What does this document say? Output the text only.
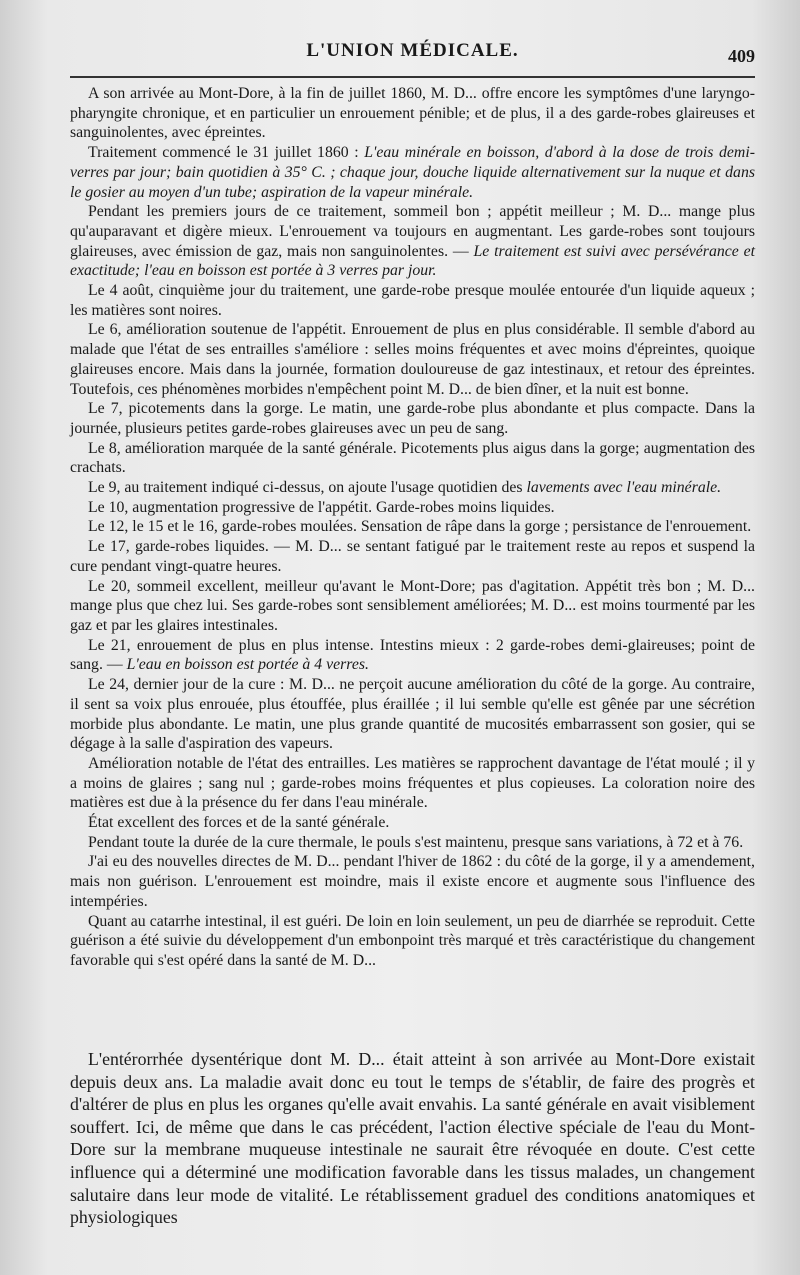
L'UNION MÉDICALE.	409

A son arrivée au Mont-Dore, à la fin de juillet 1860, M. D... offre encore les symptômes d'une laryngo-pharyngite chronique, et en particulier un enrouement pénible; et de plus, il a des garde-robes glaireuses et sanguinolentes, avec épreintes.

Traitement commencé le 31 juillet 1860 : L'eau minérale en boisson, d'abord à la dose de trois demi-verres par jour; bain quotidien à 35° C. ; chaque jour, douche liquide alternativement sur la nuque et dans le gosier au moyen d'un tube; aspiration de la vapeur minérale.

Pendant les premiers jours de ce traitement, sommeil bon ; appétit meilleur ; M. D... mange plus qu'auparavant et digère mieux. L'enrouement va toujours en augmentant. Les garde-robes sont toujours glaireuses, avec émission de gaz, mais non sanguinolentes. — Le traitement est suivi avec persévérance et exactitude; l'eau en boisson est portée à 3 verres par jour.

Le 4 août, cinquième jour du traitement, une garde-robe presque moulée entourée d'un liquide aqueux ; les matières sont noires.

Le 6, amélioration soutenue de l'appétit. Enrouement de plus en plus considérable. Il semble d'abord au malade que l'état de ses entrailles s'améliore : selles moins fréquentes et avec moins d'épreintes, quoique glaireuses encore. Mais dans la journée, formation douloureuse de gaz intestinaux, et retour des épreintes. Toutefois, ces phénomènes morbides n'empêchent point M. D... de bien dîner, et la nuit est bonne.

Le 7, picotements dans la gorge. Le matin, une garde-robe plus abondante et plus compacte. Dans la journée, plusieurs petites garde-robes glaireuses avec un peu de sang.

Le 8, amélioration marquée de la santé générale. Picotements plus aigus dans la gorge; augmentation des crachats.

Le 9, au traitement indiqué ci-dessus, on ajoute l'usage quotidien des lavements avec l'eau minérale.

Le 10, augmentation progressive de l'appétit. Garde-robes moins liquides.

Le 12, le 15 et le 16, garde-robes moulées. Sensation de râpe dans la gorge ; persistance de l'enrouement.

Le 17, garde-robes liquides. — M. D... se sentant fatigué par le traitement reste au repos et suspend la cure pendant vingt-quatre heures.

Le 20, sommeil excellent, meilleur qu'avant le Mont-Dore; pas d'agitation. Appétit très bon ; M. D... mange plus que chez lui. Ses garde-robes sont sensiblement améliorées; M. D... est moins tourmenté par les gaz et par les glaires intestinales.

Le 21, enrouement de plus en plus intense. Intestins mieux : 2 garde-robes demi-glaireuses; point de sang. — L'eau en boisson est portée à 4 verres.

Le 24, dernier jour de la cure : M. D... ne perçoit aucune amélioration du côté de la gorge. Au contraire, il sent sa voix plus enrouée, plus étouffée, plus éraillée ; il lui semble qu'elle est gênée par une sécrétion morbide plus abondante. Le matin, une plus grande quantité de mucosités embarrassent son gosier, qui se dégage à la salle d'aspiration des vapeurs.

Amélioration notable de l'état des entrailles. Les matières se rapprochent davantage de l'état moulé ; il y a moins de glaires ; sang nul ; garde-robes moins fréquentes et plus copieuses. La coloration noire des matières est due à la présence du fer dans l'eau minérale.

État excellent des forces et de la santé générale.

Pendant toute la durée de la cure thermale, le pouls s'est maintenu, presque sans variations, à 72 et à 76.

J'ai eu des nouvelles directes de M. D... pendant l'hiver de 1862 : du côté de la gorge, il y a amendement, mais non guérison. L'enrouement est moindre, mais il existe encore et augmente sous l'influence des intempéries.

Quant au catarrhe intestinal, il est guéri. De loin en loin seulement, un peu de diarrhée se reproduit. Cette guérison a été suivie du développement d'un embonpoint très marqué et très caractéristique du changement favorable qui s'est opéré dans la santé de M. D...

L'entérorrhée dysentérique dont M. D... était atteint à son arrivée au Mont-Dore existait depuis deux ans. La maladie avait donc eu tout le temps de s'établir, de faire des progrès et d'altérer de plus en plus les organes qu'elle avait envahis. La santé générale en avait visiblement souffert. Ici, de même que dans le cas précédent, l'action élective spéciale de l'eau du Mont-Dore sur la membrane muqueuse intestinale ne saurait être révoquée en doute. C'est cette influence qui a déterminé une modification favorable dans les tissus malades, un changement salutaire dans leur mode de vitalité. Le rétablissement graduel des conditions anatomiques et physiologiques
